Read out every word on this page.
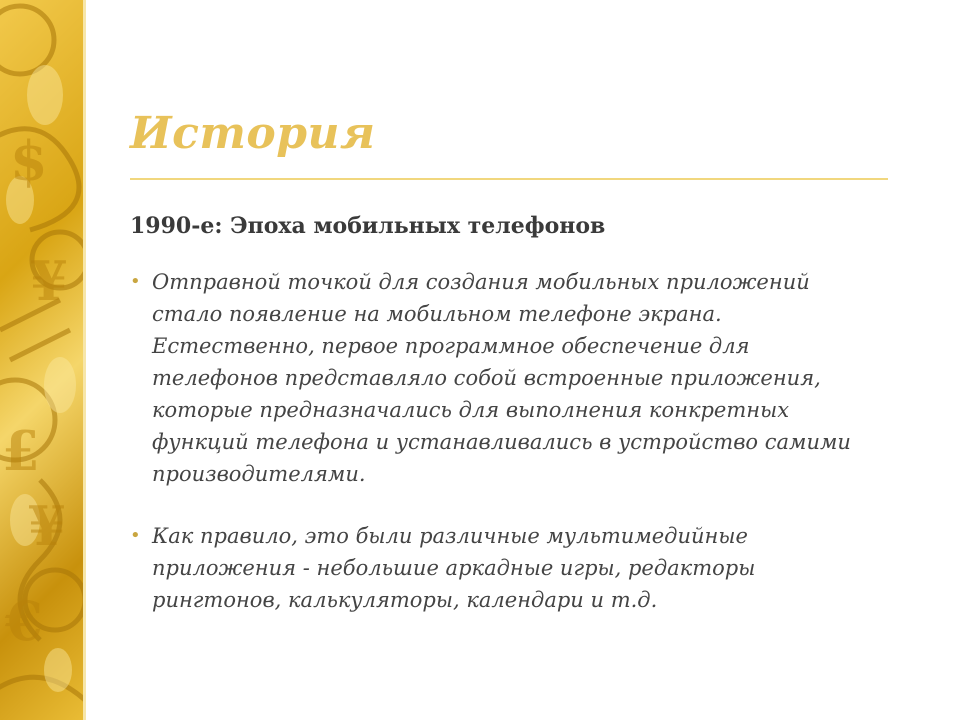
$
¥
£
¥
€
История
1990-е: Эпоха мобильных телефонов
• Отправной точкой для создания мобильных приложений стало появление на мобильном телефоне экрана. Естественно, первое программное обеспечение для телефонов представляло собой встроенные приложения, которые предназначались для выполнения конкретных функций телефона и устанавливались в устройство самими производителями.
• Как правило, это были различные мультимедийные приложения - небольшие аркадные игры, редакторы рингтонов, калькуляторы, календари и т.д.
